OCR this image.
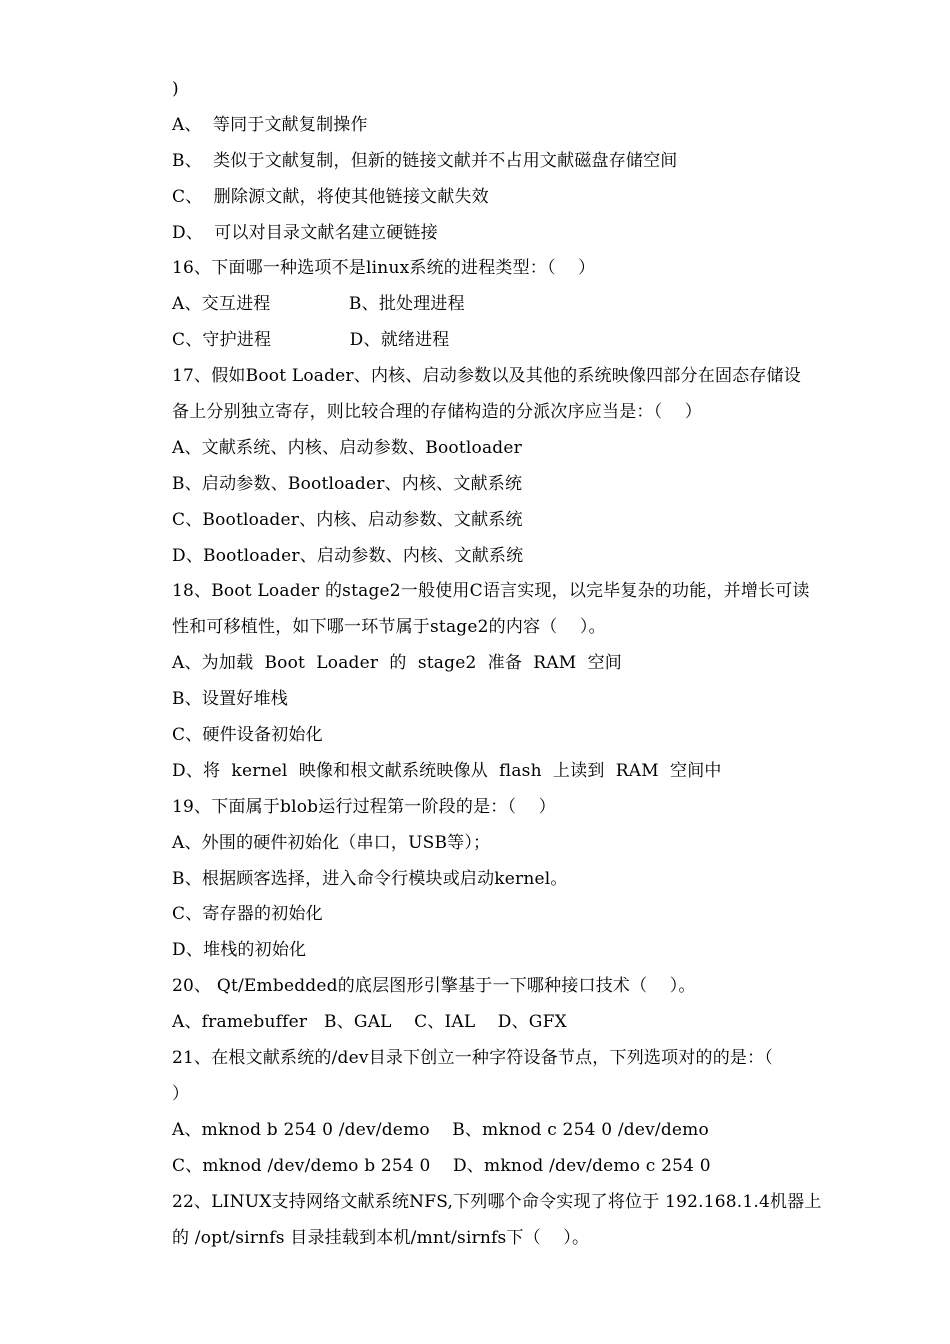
)
A、  等同于文献复制操作
B、  类似于文献复制，但新的链接文献并不占用文献磁盘存储空间
C、  删除源文献，将使其他链接文献失效
D、  可以对目录文献名建立硬链接
16、下面哪一种选项不是linux系统的进程类型：（    ）
A、交互进程              B、批处理进程
C、守护进程              D、就绪进程
17、假如Boot Loader、内核、启动参数以及其他的系统映像四部分在固态存储设
备上分别独立寄存，则比较合理的存储构造的分派次序应当是：（    ）
A、文献系统、内核、启动参数、Bootloader
B、启动参数、Bootloader、内核、文献系统
C、Bootloader、内核、启动参数、文献系统
D、Bootloader、启动参数、内核、文献系统
18、Boot Loader 的stage2一般使用C语言实现，以完毕复杂的功能，并增长可读
性和可移植性，如下哪一环节属于stage2的内容（    ）。
A、为加载  Boot  Loader  的  stage2  准备  RAM  空间
B、设置好堆栈
C、硬件设备初始化
D、将  kernel  映像和根文献系统映像从  flash  上读到  RAM  空间中
19、下面属于blob运行过程第一阶段的是：（    ）
A、外围的硬件初始化（串口，USB等）；
B、根据顾客选择，进入命令行模块或启动kernel。
C、寄存器的初始化
D、堆栈的初始化
20、 Qt/Embedded的底层图形引擎基于一下哪种接口技术（    ）。
A、framebuffer   B、GAL    C、IAL    D、GFX
21、在根文献系统的/dev目录下创立一种字符设备节点，下列选项对的的是：（
）
A、mknod b 254 0 /dev/demo    B、mknod c 254 0 /dev/demo
C、mknod /dev/demo b 254 0    D、mknod /dev/demo c 254 0
22、LINUX支持网络文献系统NFS,下列哪个命令实现了将位于 192.168.1.4机器上
的 /opt/sirnfs 目录挂载到本机/mnt/sirnfs下（    ）。
